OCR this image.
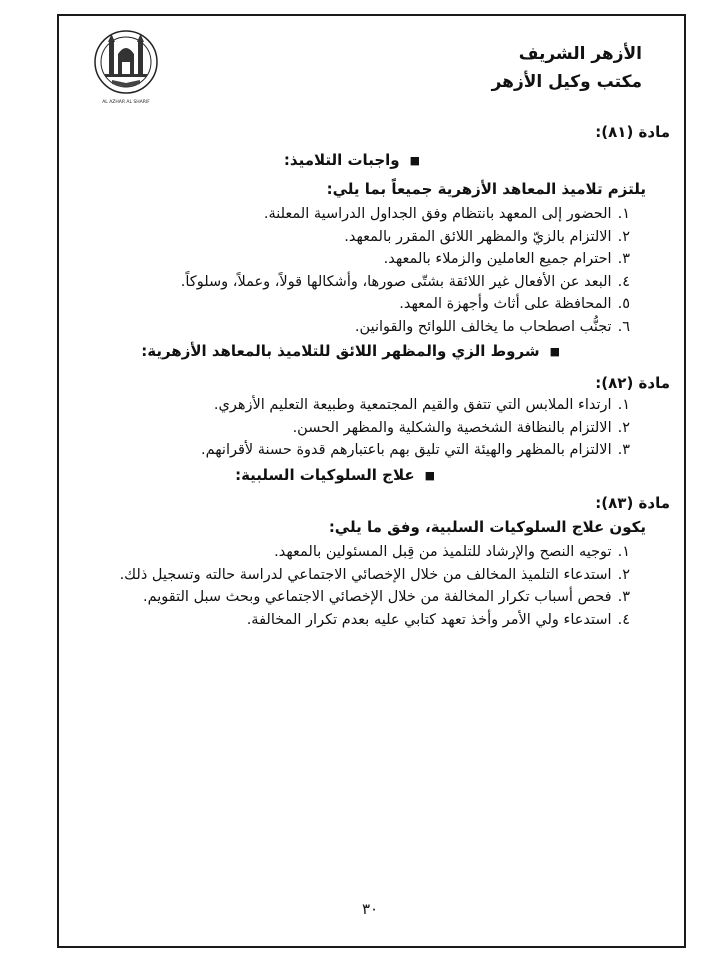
AL AZHAR AL SHARIF
الأزهر الشريف
مكتب وكيل الأزهر
مادة (٨١):
■واجبات التلاميذ:
يلتزم تلاميذ المعاهد الأزهرية جميعاً بما يلي:
١.الحضور إلى المعهد بانتظام وفق الجداول الدراسية المعلنة.
٢.الالتزام بالزيّ والمظهر اللائق المقرر بالمعهد.
٣.احترام جميع العاملين والزملاء بالمعهد.
٤.البعد عن الأفعال غير اللائقة بشتّى صورها، وأشكالها قولاً، وعملاً، وسلوكاً.
٥.المحافظة على أثاث وأجهزة المعهد.
٦.تجنُّب اصطحاب ما يخالف اللوائح والقوانين.
■شروط الزي والمظهر اللائق للتلاميذ بالمعاهد الأزهرية:
مادة (٨٢):
١.ارتداء الملابس التي تتفق والقيم المجتمعية وطبيعة التعليم الأزهري.
٢.الالتزام بالنظافة الشخصية والشكلية والمظهر الحسن.
٣.الالتزام بالمظهر والهيئة التي تليق بهم باعتبارهم قدوة حسنة لأقرانهم.
■علاج السلوكيات السلبية:
مادة (٨٣):
يكون علاج السلوكيات السلبية، وفق ما يلي:
١.توجيه النصح والإرشاد للتلميذ من قِبل المسئولين بالمعهد.
٢.استدعاء التلميذ المخالف من خلال الإخصائي الاجتماعي لدراسة حالته وتسجيل ذلك.
٣.فحص أسباب تكرار المخالفة من خلال الإخصائي الاجتماعي وبحث سبل التقويم.
٤.استدعاء ولي الأمر وأخذ تعهد كتابي عليه بعدم تكرار المخالفة.
٣٠
